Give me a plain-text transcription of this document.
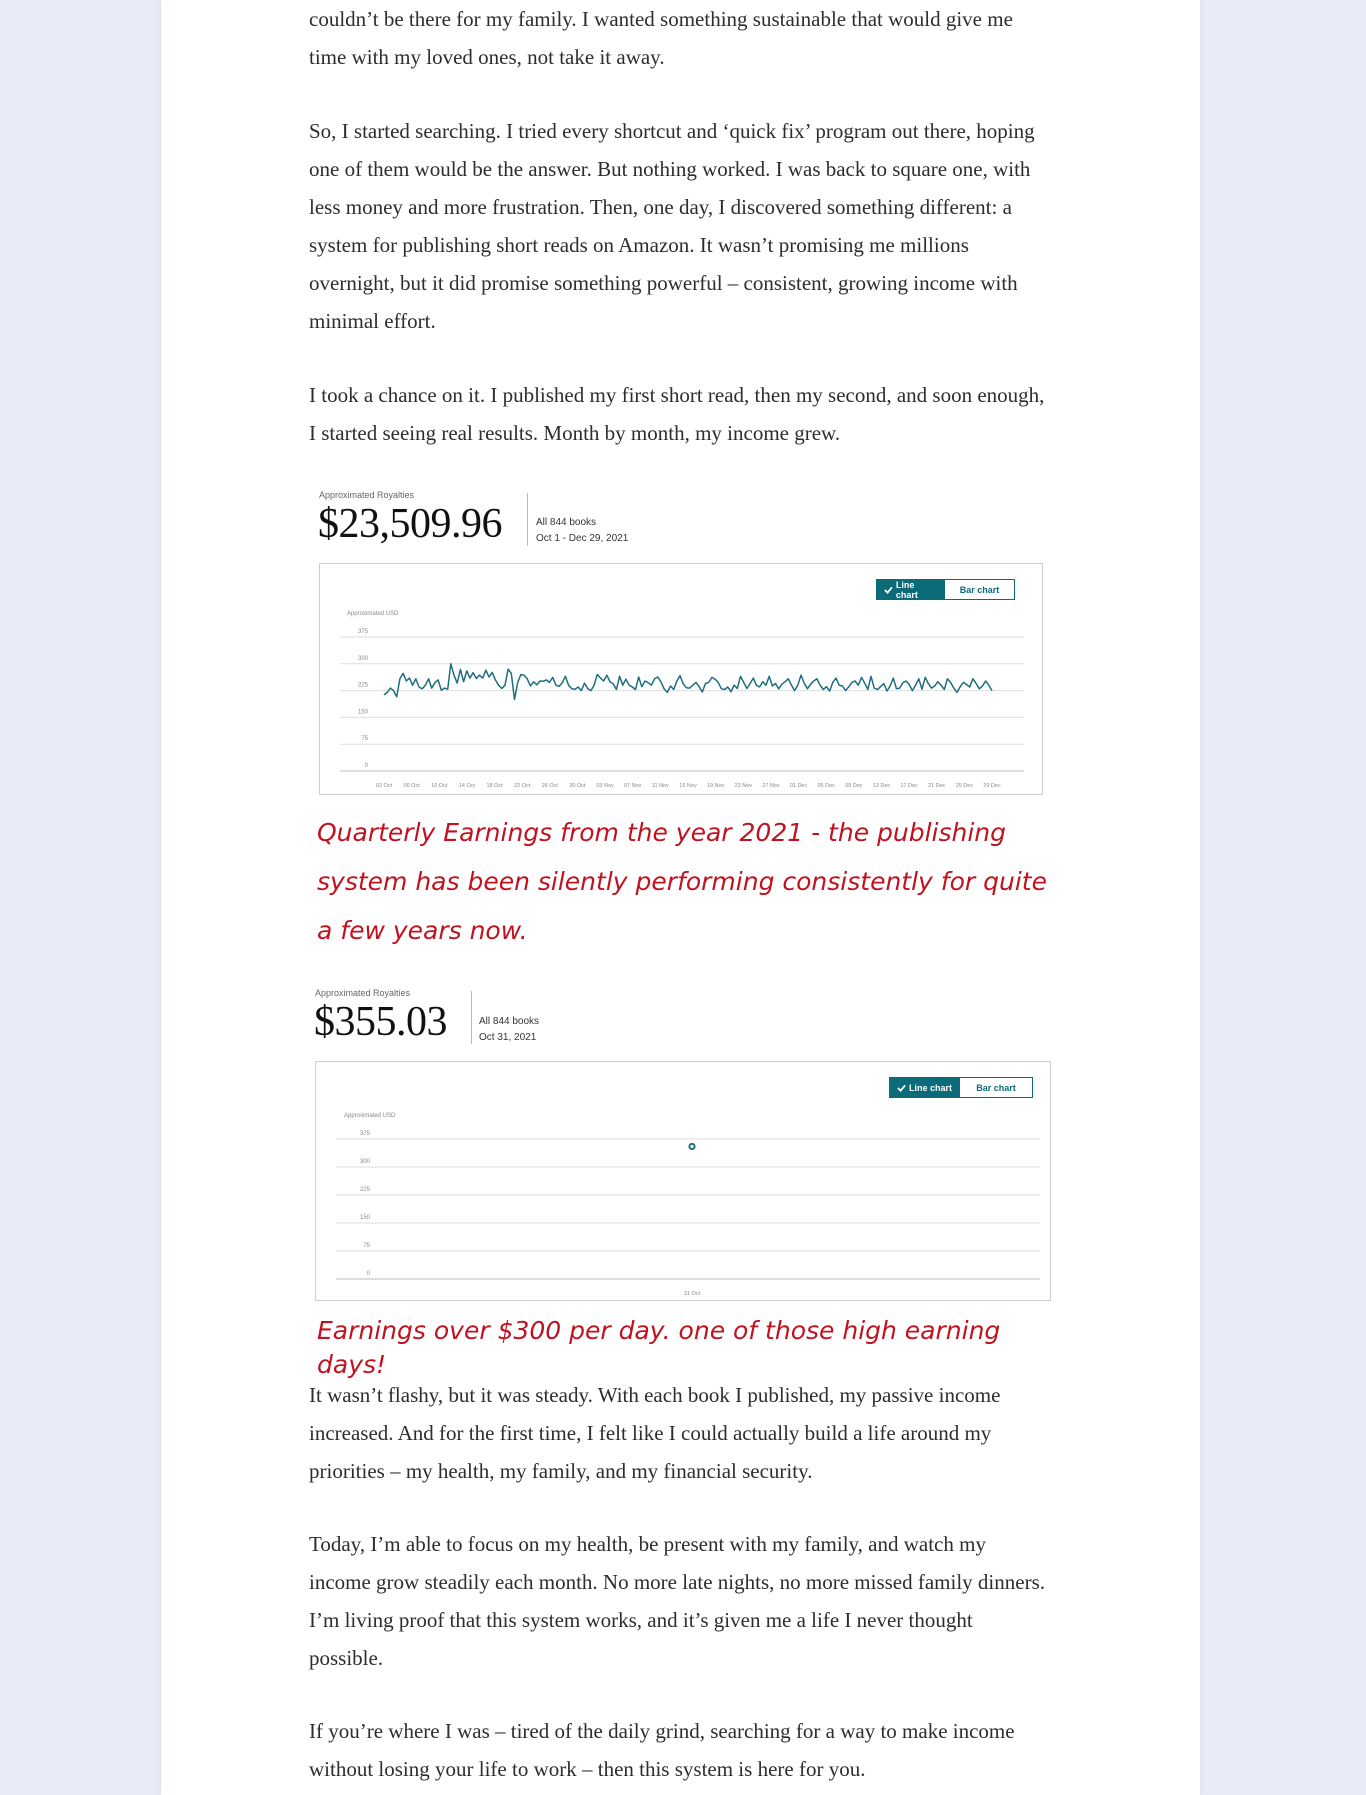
couldn’t be there for my family. I wanted something sustainable that would give me time with my loved ones, not take it away.

So, I started searching. I tried every shortcut and ‘quick fix’ program out there, hoping one of them would be the answer. But nothing worked. I was back to square one, with less money and more frustration. Then, one day, I discovered something different: a system for publishing short reads on Amazon. It wasn’t promising me millions overnight, but it did promise something powerful – consistent, growing income with minimal effort.

I took a chance on it. I published my first short read, then my second, and soon enough, I started seeing real results. Month by month, my income grew.

Approximated Royalties
$23,509.96	All 844 books
Oct 1 - Dec 29, 2021
Line chart	Bar chart
Approximated USD
375
300
225
150
75
0
02 Oct 06 Oct 10 Oct 14 Oct 18 Oct 22 Oct 26 Oct 30 Oct 03 Nov 07 Nov 11 Nov 15 Nov 19 Nov 23 Nov 27 Nov 01 Dec 05 Dec 09 Dec 13 Dec 17 Dec 21 Dec 25 Dec 29 Dec
Quarterly Earnings from the year 2021 - the publishing system has been silently performing consistently for quite a few years now.
Approximated Royalties
$355.03	All 844 books
Oct 31, 2021
Line chart	Bar chart
Approximated USD
375
300
225
150
75
0
31 Oct
Earnings over $300 per day. one of those high earning days!

It wasn’t flashy, but it was steady. With each book I published, my passive income increased. And for the first time, I felt like I could actually build a life around my priorities – my health, my family, and my financial security.

Today, I’m able to focus on my health, be present with my family, and watch my income grow steadily each month. No more late nights, no more missed family dinners. I’m living proof that this system works, and it’s given me a life I never thought possible.

If you’re where I was – tired of the daily grind, searching for a way to make income without losing your life to work – then this system is here for you.
